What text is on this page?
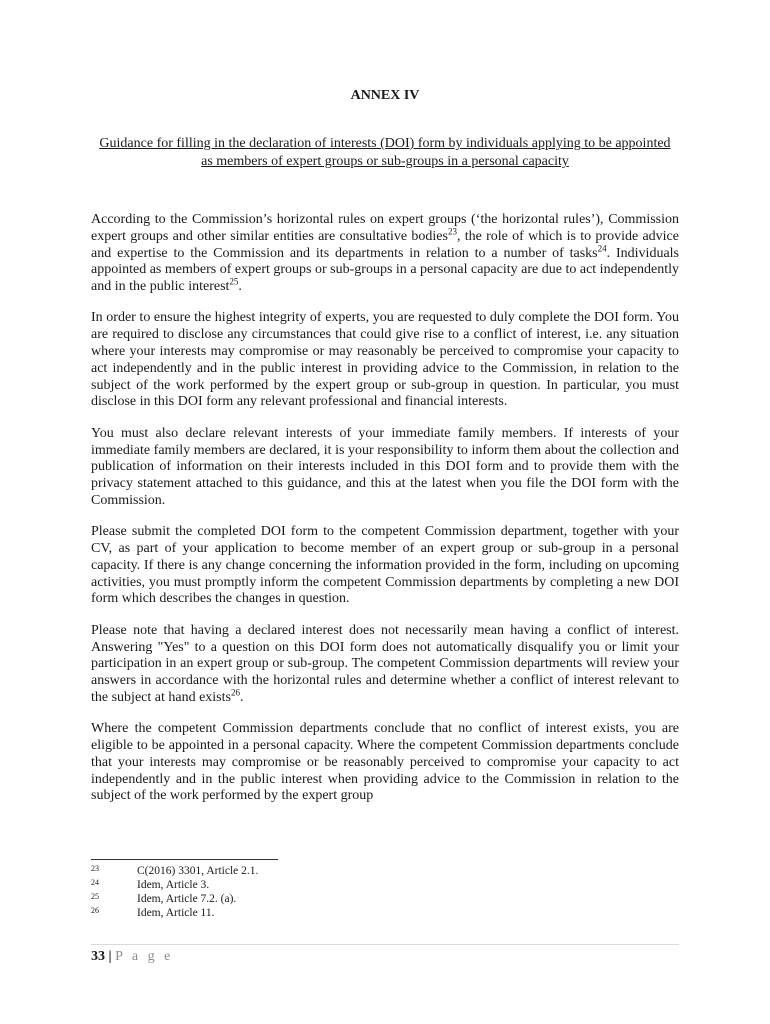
ANNEX IV
Guidance for filling in the declaration of interests (DOI) form by individuals applying to be appointed as members of expert groups or sub-groups in a personal capacity

According to the Commission’s horizontal rules on expert groups (‘the horizontal rules’), Commission expert groups and other similar entities are consultative bodies$^{23}$, the role of which is to provide advice and expertise to the Commission and its departments in relation to a number of tasks$^{24}$. Individuals appointed as members of expert groups or sub-groups in a personal capacity are due to act independently and in the public interest$^{25}$.

In order to ensure the highest integrity of experts, you are requested to duly complete the DOI form. You are required to disclose any circumstances that could give rise to a conflict of interest, i.e. any situation where your interests may compromise or may reasonably be perceived to compromise your capacity to act independently and in the public interest in providing advice to the Commission, in relation to the subject of the work performed by the expert group or sub-group in question. In particular, you must disclose in this DOI form any relevant professional and financial interests.

You must also declare relevant interests of your immediate family members. If interests of your immediate family members are declared, it is your responsibility to inform them about the collection and publication of information on their interests included in this DOI form and to provide them with the privacy statement attached to this guidance, and this at the latest when you file the DOI form with the Commission.

Please submit the completed DOI form to the competent Commission department, together with your CV, as part of your application to become member of an expert group or sub-group in a personal capacity. If there is any change concerning the information provided in the form, including on upcoming activities, you must promptly inform the competent Commission departments by completing a new DOI form which describes the changes in question.

Please note that having a declared interest does not necessarily mean having a conflict of interest. Answering "Yes" to a question on this DOI form does not automatically disqualify you or limit your participation in an expert group or sub-group. The competent Commission departments will review your answers in accordance with the horizontal rules and determine whether a conflict of interest relevant to the subject at hand exists$^{26}$.

Where the competent Commission departments conclude that no conflict of interest exists, you are eligible to be appointed in a personal capacity. Where the competent Commission departments conclude that your interests may compromise or be reasonably perceived to compromise your capacity to act independently and in the public interest when providing advice to the Commission in relation to the subject of the work performed by the expert group

23	C(2016) 3301, Article 2.1.
24	Idem, Article 3.
25	Idem, Article 7.2. (a).
26	Idem, Article 11.
33 | P a g e
